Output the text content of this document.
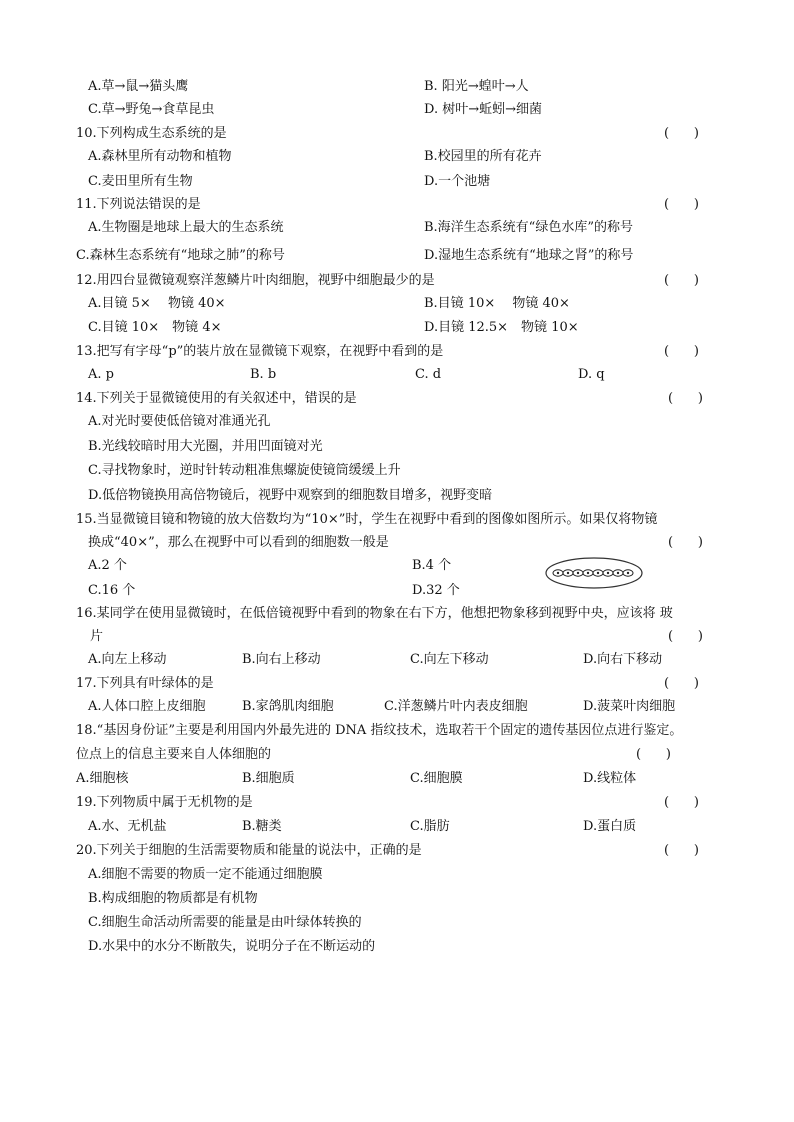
A.草→鼠→猫头鹰	B. 阳光→蝗叶→人
C.草→野兔→食草昆虫	D. 树叶→蚯蚓→细菌
10.下列构成生态系统的是	(      )
A.森林里所有动物和植物	B.校园里的所有花卉
C.麦田里所有生物	D.一个池塘
11.下列说法错误的是	(      )
A.生物圈是地球上最大的生态系统	B.海洋生态系统有“绿色水库”的称号
C.森林生态系统有“地球之肺”的称号	D.湿地生态系统有“地球之肾”的称号
12.用四台显微镜观察洋葱鳞片叶肉细胞，视野中细胞最少的是	(      )
A.目镜 5×　 物镜 40×	B.目镜 10×　 物镜 40×
C.目镜 10×　物镜 4×	D.目镜 12.5×　物镜 10×
13.把写有字母“p”的装片放在显微镜下观察，在视野中看到的是	(      )
A. p	B. b	C. d	D. q
14.下列关于显微镜使用的有关叙述中，错误的是	(      )
A.对光时要使低倍镜对准通光孔
B.光线较暗时用大光圈，并用凹面镜对光
C.寻找物象时，逆时针转动粗准焦螺旋使镜筒缓缓上升
D.低倍物镜换用高倍物镜后，视野中观察到的细胞数目增多，视野变暗
15.当显微镜目镜和物镜的放大倍数均为“10×”时，学生在视野中看到的图像如图所示。如果仅将物镜
换成“40×”，那么在视野中可以看到的细胞数一般是	(      )
A.2 个	B.4 个
C.16 个	D.32 个
16.某同学在使用显微镜时，在低倍镜视野中看到的物象在右下方，他想把物象移到视野中央，应该将 玻
片	(      )
A.向左上移动	B.向右上移动	C.向左下移动	D.向右下移动
17.下列具有叶绿体的是	(      )
A.人体口腔上皮细胞	B.家鸽肌肉细胞	C.洋葱鳞片叶内表皮细胞	D.菠菜叶肉细胞
18.“基因身份证”主要是利用国内外最先进的 DNA 指纹技术，选取若干个固定的遗传基因位点进行鉴定。
位点上的信息主要来自人体细胞的	(      )
A.细胞核	B.细胞质	C.细胞膜	D.线粒体
19.下列物质中属于无机物的是	(      )
A.水、无机盐	B.糖类	C.脂肪	D.蛋白质
20.下列关于细胞的生活需要物质和能量的说法中，正确的是	(      )
A.细胞不需要的物质一定不能通过细胞膜
B.构成细胞的物质都是有机物
C.细胞生命活动所需要的能量是由叶绿体转换的
D.水果中的水分不断散失，说明分子在不断运动的
